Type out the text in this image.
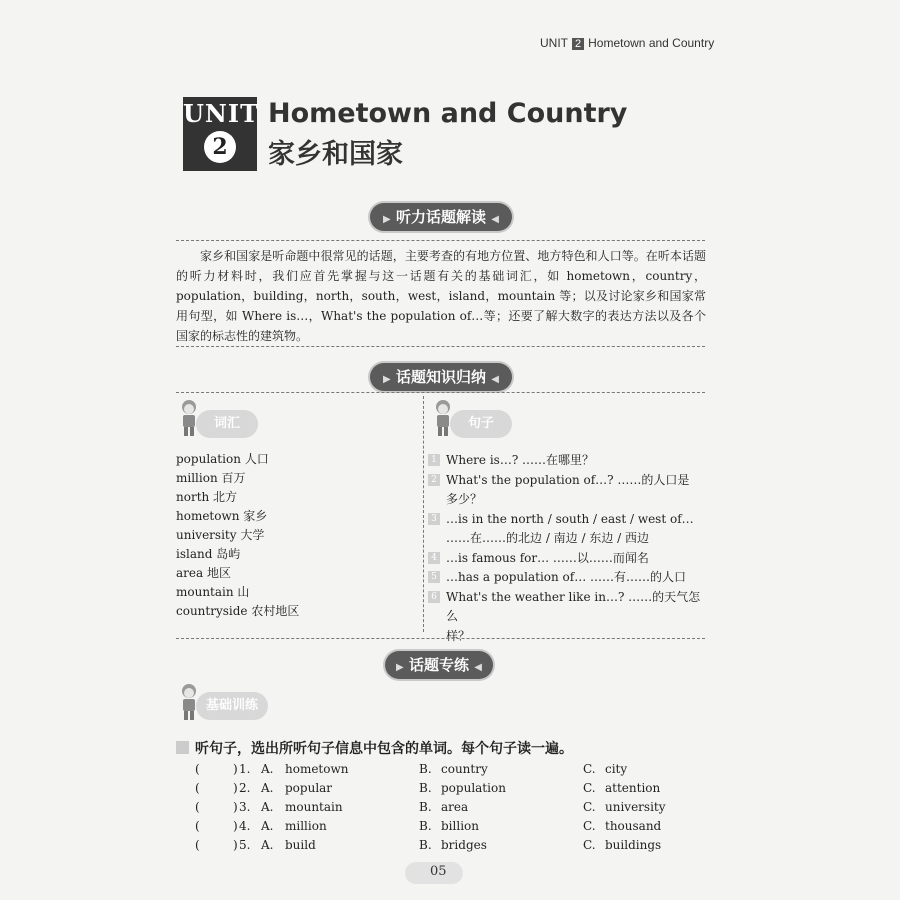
UNIT 2 Hometown and Country
UNIT
2
Hometown and Country
家乡和国家
▶ 听力话题解读 ◀

家乡和国家是听命题中很常见的话题，主要考查的有地方位置、地方特色和人口等。在听本话题的听力材料时，我们应首先掌握与这一话题有关的基础词汇，如 hometown，country，population，building，north，south，west，island，mountain 等；以及讨论家乡和国家常用句型，如 Where is…，What's the population of…等；还要了解大数字的表达方法以及各个国家的标志性的建筑物。

▶ 话题知识归纳 ◀
词汇	句子
population 人口
million 百万
north 北方
hometown 家乡
university 大学
island 岛屿
area 地区
mountain 山
countryside 农村地区
1 Where is…? ……在哪里？
2 What's the population of…? ……的人口是
多少？
3 …is in the north / south / east / west of…
……在……的北边 / 南边 / 东边 / 西边
4 …is famous for… ……以……而闻名
5 …has a population of… ……有……的人口
6 What's the weather like in…? ……的天气怎么
样？
▶ 话题专练 ◀
基础训练
听句子，选出所听句子信息中包含的单词。每个句子读一遍。
(	)	1.	A.	hometown	B.	country	C.	city
(	)	2.	A.	popular	B.	population	C.	attention
(	)	3.	A.	mountain	B.	area	C.	university
(	)	4.	A.	million	B.	billion	C.	thousand
(	)	5.	A.	build	B.	bridges	C.	buildings
05
